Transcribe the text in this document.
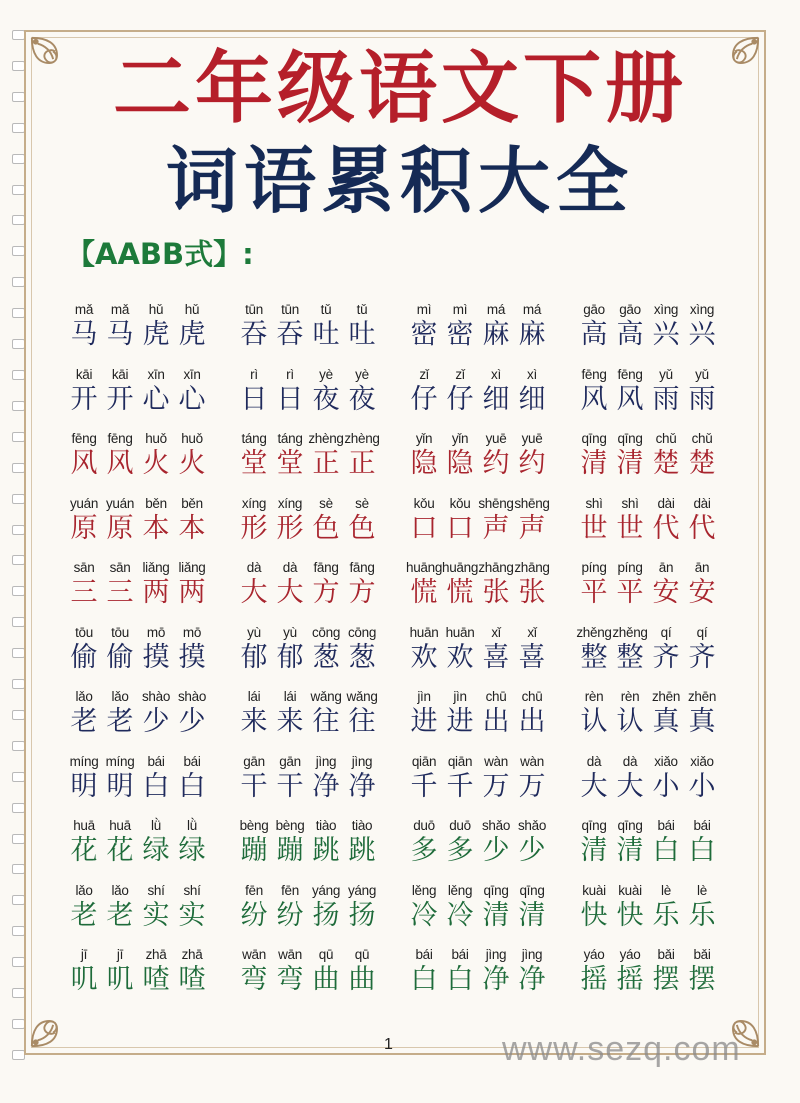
二年级语文下册
词语累积大全
【AABB式】:
mǎ
马
mǎ
马
hǔ
虎
hǔ
虎
tūn
吞
tūn
吞
tǔ
吐
tǔ
吐
mì
密
mì
密
má
麻
má
麻
gāo
高
gāo
高
xìng
兴
xìng
兴
kāi
开
kāi
开
xīn
心
xīn
心
rì
日
rì
日
yè
夜
yè
夜
zǐ
仔
zǐ
仔
xì
细
xì
细
fēng
风
fēng
风
yǔ
雨
yǔ
雨
fēng
风
fēng
风
huǒ
火
huǒ
火
táng
堂
táng
堂
zhèng
正
zhèng
正
yǐn
隐
yǐn
隐
yuē
约
yuē
约
qīng
清
qīng
清
chǔ
楚
chǔ
楚
yuán
原
yuán
原
běn
本
běn
本
xíng
形
xíng
形
sè
色
sè
色
kǒu
口
kǒu
口
shēng
声
shēng
声
shì
世
shì
世
dài
代
dài
代
sān
三
sān
三
liǎng
两
liǎng
两
dà
大
dà
大
fāng
方
fāng
方
huāng
慌
huāng
慌
zhāng
张
zhāng
张
píng
平
píng
平
ān
安
ān
安
tōu
偷
tōu
偷
mō
摸
mō
摸
yù
郁
yù
郁
cōng
葱
cōng
葱
huān
欢
huān
欢
xǐ
喜
xǐ
喜
zhěng
整
zhěng
整
qí
齐
qí
齐
lǎo
老
lǎo
老
shào
少
shào
少
lái
来
lái
来
wǎng
往
wǎng
往
jìn
进
jìn
进
chū
出
chū
出
rèn
认
rèn
认
zhēn
真
zhēn
真
míng
明
míng
明
bái
白
bái
白
gān
干
gān
干
jìng
净
jìng
净
qiān
千
qiān
千
wàn
万
wàn
万
dà
大
dà
大
xiǎo
小
xiǎo
小
huā
花
huā
花
lǜ
绿
lǜ
绿
bèng
蹦
bèng
蹦
tiào
跳
tiào
跳
duō
多
duō
多
shǎo
少
shǎo
少
qīng
清
qīng
清
bái
白
bái
白
lǎo
老
lǎo
老
shí
实
shí
实
fēn
纷
fēn
纷
yáng
扬
yáng
扬
lěng
冷
lěng
冷
qīng
清
qīng
清
kuài
快
kuài
快
lè
乐
lè
乐
jī
叽
jī
叽
zhā
喳
zhā
喳
wān
弯
wān
弯
qū
曲
qū
曲
bái
白
bái
白
jìng
净
jìng
净
yáo
摇
yáo
摇
bǎi
摆
bǎi
摆
1	www.sezq.com
